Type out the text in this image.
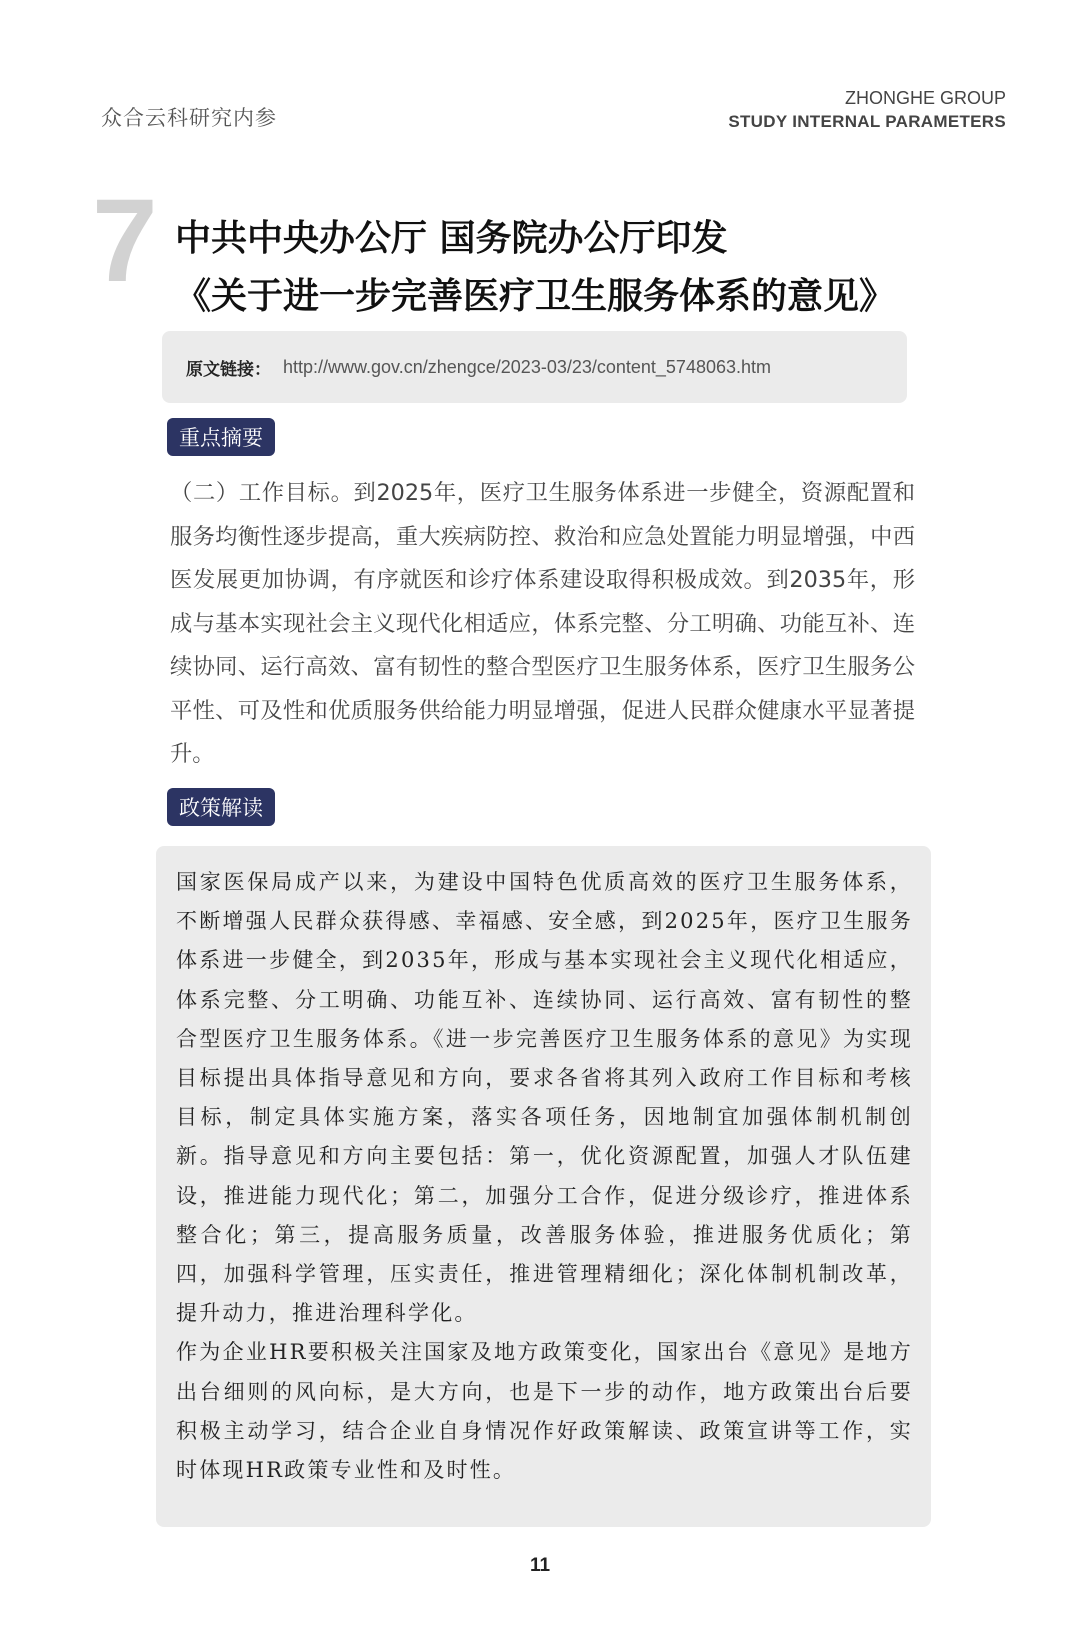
众合云科研究内参
ZHONGHE GROUP
STUDY INTERNAL PARAMETERS
7 中共中央办公厅 国务院办公厅印发
《关于进一步完善医疗卫生服务体系的意见》
原文链接： http://www.gov.cn/zhengce/2023-03/23/content_5748063.htm
重点摘要
（二）工作目标。到2025年，医疗卫生服务体系进一步健全，资源配置和服务均衡性逐步提高，重大疾病防控、救治和应急处置能力明显增强，中西医发展更加协调，有序就医和诊疗体系建设取得积极成效。到2035年，形成与基本实现社会主义现代化相适应，体系完整、分工明确、功能互补、连续协同、运行高效、富有韧性的整合型医疗卫生服务体系，医疗卫生服务公平性、可及性和优质服务供给能力明显增强，促进人民群众健康水平显著提升。
政策解读

国家医保局成产以来，为建设中国特色优质高效的医疗卫生服务体系，不断增强人民群众获得感、幸福感、安全感，到2025年，医疗卫生服务体系进一步健全，到2035年，形成与基本实现社会主义现代化相适应，体系完整、分工明确、功能互补、连续协同、运行高效、富有韧性的整合型医疗卫生服务体系。《进一步完善医疗卫生服务体系的意见》为实现目标提出具体指导意见和方向，要求各省将其列入政府工作目标和考核目标，制定具体实施方案，落实各项任务，因地制宜加强体制机制创新。指导意见和方向主要包括：第一，优化资源配置，加强人才队伍建设，推进能力现代化；第二，加强分工合作，促进分级诊疗，推进体系整合化；第三，提高服务质量，改善服务体验，推进服务优质化；第四，加强科学管理，压实责任，推进管理精细化；深化体制机制改革，提升动力，推进治理科学化。

作为企业HR要积极关注国家及地方政策变化，国家出台《意见》是地方出台细则的风向标，是大方向，也是下一步的动作，地方政策出台后要积极主动学习，结合企业自身情况作好政策解读、政策宣讲等工作，实时体现HR政策专业性和及时性。

11
